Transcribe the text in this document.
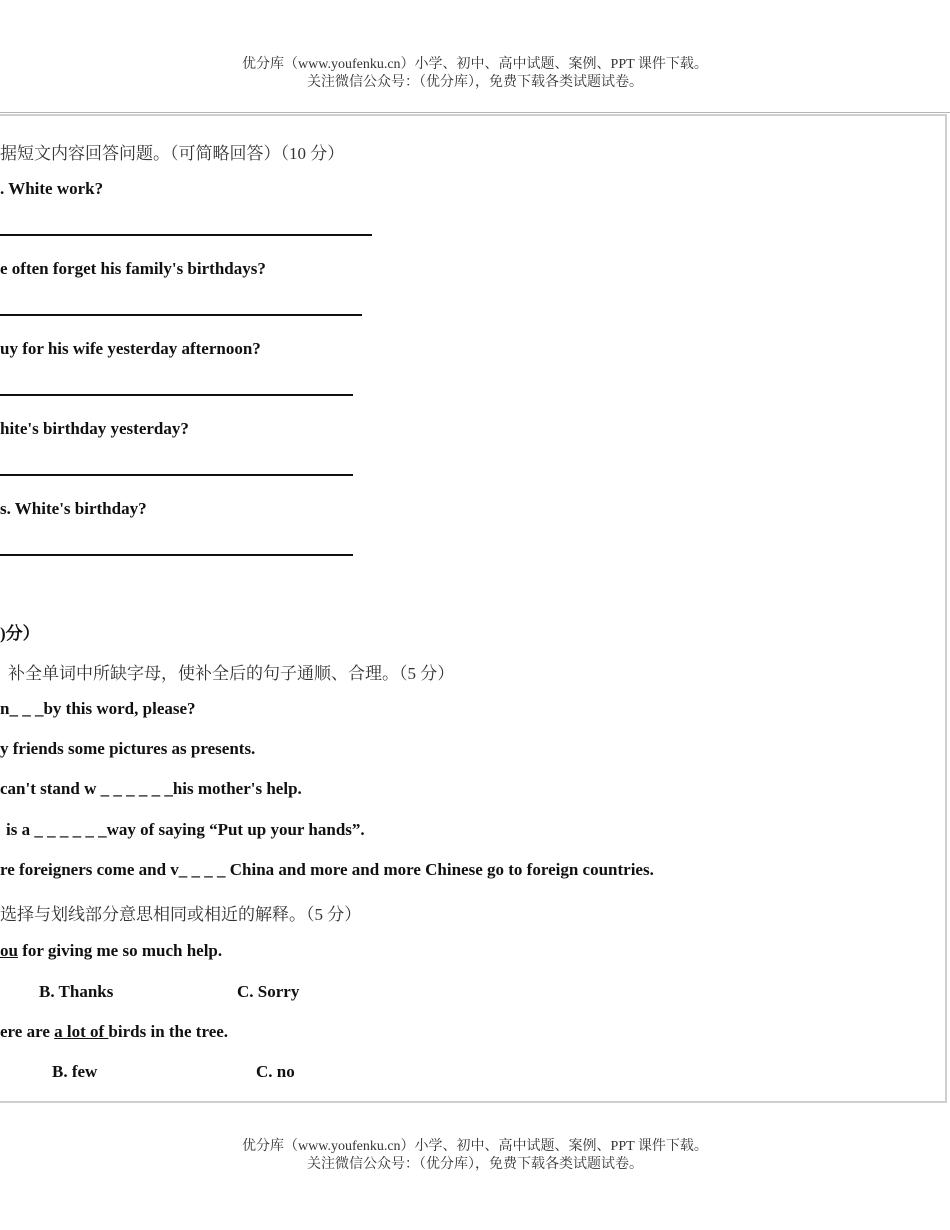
优分库（www.youfenku.cn）小学、初中、高中试题、案例、PPT 课件下载。
关注微信公众号：（优分库），免费下载各类试题试卷。
据短文内容回答问题。（可简略回答）（10 分）
. White work?
e often forget his family's birthdays?
uy for his wife yesterday afternoon?
hite's birthday yesterday?
s. White's birthday?
)分）
补全单词中所缺字母，使补全后的句子通顺、合理。（5 分）
n_ _ _by this word, please?
y friends some pictures as presents.
can't stand w _ _ _ _ _ _his mother's help.
is a _ _ _ _ _ _way of saying “Put up your hands”.
re foreigners come and v_ _ _ _ China and more and more Chinese go to foreign countries.
选择与划线部分意思相同或相近的解释。（5 分）
ou for giving me so much help.
B. Thanks	C. Sorry
ere are a lot of birds in the tree.
B. few	C. no
优分库（www.youfenku.cn）小学、初中、高中试题、案例、PPT 课件下载。
关注微信公众号：（优分库），免费下载各类试题试卷。
